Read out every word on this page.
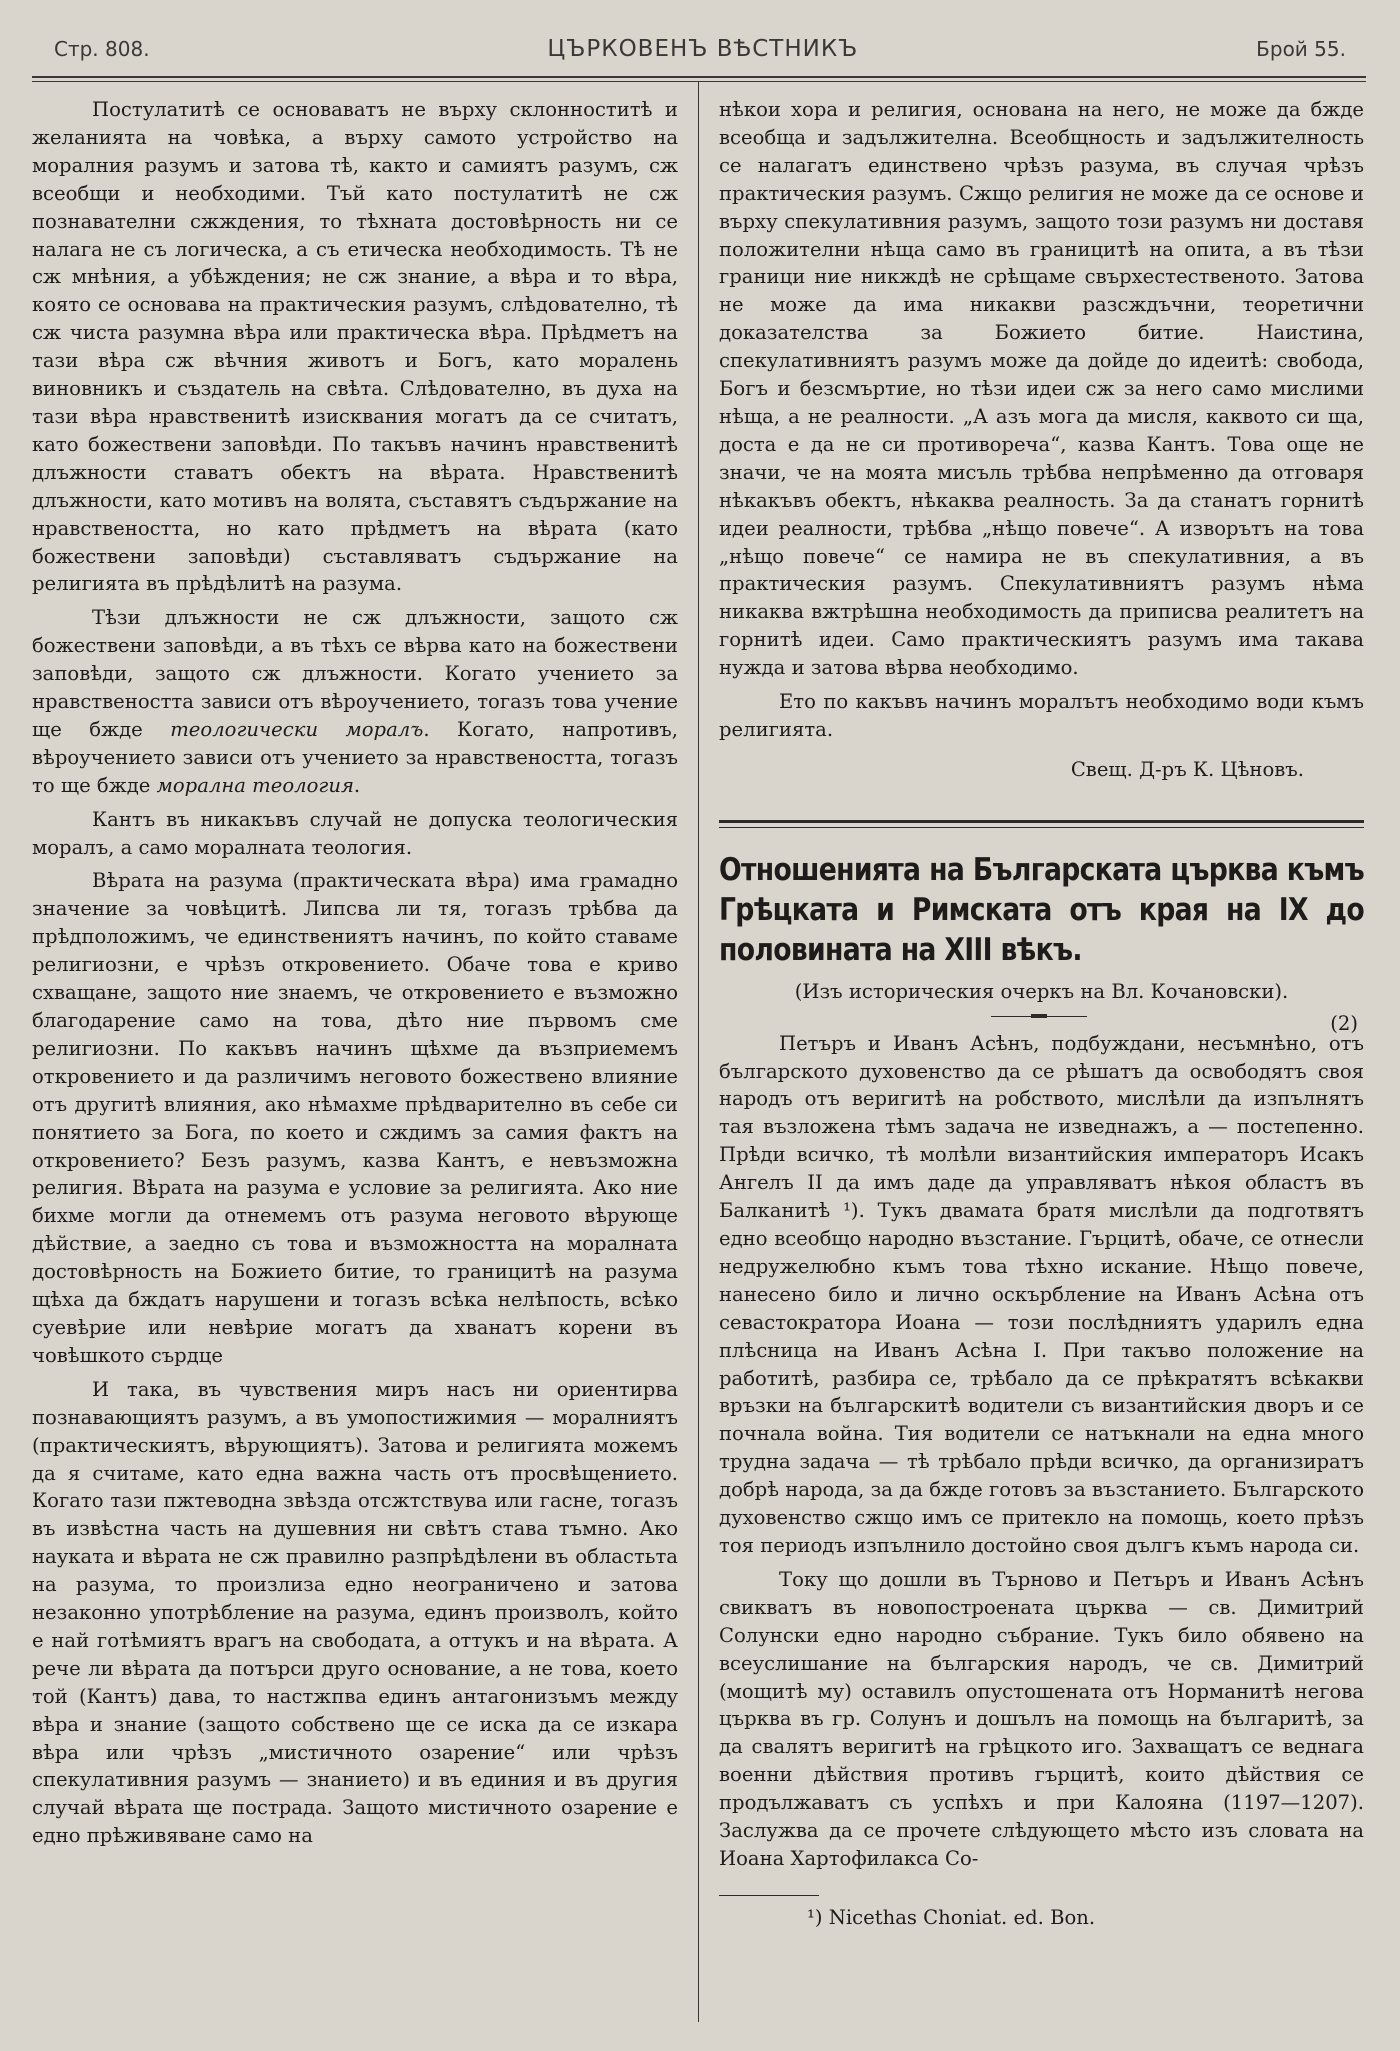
Стр. 808.	ЦЪРКОВЕНЪ ВѢСТНИКЪ	Брой 55.

Постулатитѣ се основаватъ не върху склонноститѣ и желанията на човѣка, а върху самото устройство на моралния разумъ и затова тѣ, както и самиятъ разумъ, сж всеобщи и необходими. Тъй като постулатитѣ не сж познавателни сжждения, то тѣхната достовѣрность ни се налага не съ логическа, а съ етическа необходимость. Тѣ не сж мнѣния, а убѣждения; не сж знание, а вѣра и то вѣра, която се основава на практическия разумъ, слѣдователно, тѣ сж чиста разумна вѣра или практическа вѣра. Прѣдметъ на тази вѣра сж вѣчния животъ и Богъ, като моралень виновникъ и създатель на свѣта. Слѣдователно, въ духа на тази вѣра нравственитѣ изисквания могатъ да се считатъ, като божествени заповѣди. По такъвъ начинъ нравственитѣ длъжности ставатъ обектъ на вѣрата. Нравственитѣ длъжности, като мотивъ на волята, съставятъ съдържание на нравствеността, но като прѣдметъ на вѣрата (като божествени заповѣди) съставляватъ съдържание на религията въ прѣдѣлитѣ на разума.

Тѣзи длъжности не сж длъжности, защото сж божествени заповѣди, а въ тѣхъ се вѣрва като на божествени заповѣди, защото сж длъжности. Когато учението за нравствеността зависи отъ вѣроучението, тогазъ това учение ще бжде теологически моралъ. Когато, напротивъ, вѣроучението зависи отъ учението за нравствеността, тогазъ то ще бжде морална теология.

Кантъ въ никакъвъ случай не допуска теологическия моралъ, а само моралната теология.

Вѣрата на разума (практическата вѣра) има грамадно значение за човѣцитѣ. Липсва ли тя, тогазъ трѣбва да прѣдположимъ, че единствениятъ начинъ, по който ставаме религиозни, е чрѣзъ откровението. Обаче това е криво схващане, защото ние знаемъ, че откровението е възможно благодарение само на това, дѣто ние първомъ сме религиозни. По какъвъ начинъ щѣхме да възприемемъ откровението и да различимъ неговото божествено влияние отъ другитѣ влияния, ако нѣмахме прѣдварително въ себе си понятието за Бога, по което и сждимъ за самия фактъ на откровението? Безъ разумъ, казва Кантъ, е невъзможна религия. Вѣрата на разума е условие за религията. Ако ние бихме могли да отнемемъ отъ разума неговото вѣрующе дѣйствие, а заедно съ това и възможността на моралната достовѣрность на Божието битие, то границитѣ на разума щѣха да бждатъ нарушени и тогазъ всѣка нелѣпость, всѣко суевѣрие или невѣрие могатъ да хванатъ корени въ човѣшкото сърдце

И така, въ чувствения миръ насъ ни ориентирва познавающиятъ разумъ, а въ умопостижимия — моралниятъ (практическиятъ, вѣрующиятъ). Затова и религията можемъ да я считаме, като една важна часть отъ просвѣщението. Когато тази пжтеводна звѣзда отсжтствува или гасне, тогазъ въ извѣстна часть на душевния ни свѣтъ става тъмно. Ако науката и вѣрата не сж правилно разпрѣдѣлени въ областьта на разума, то произлиза едно неограничено и затова незаконно употрѣбление на разума, единъ произволъ, който е най готѣмиятъ врагъ на свободата, а оттукъ и на вѣрата. А рече ли вѣрата да потърси друго основание, а не това, което той (Кантъ) дава, то настжпва единъ антагонизъмъ между вѣра и знание (защото собствено ще се иска да се изкара вѣра или чрѣзъ „мистичното озарение“ или чрѣзъ спекулативния разумъ — знанието) и въ единия и въ другия случай вѣрата ще пострада. Защото мистичното озарение е едно прѣживяване само на

нѣкои хора и религия, основана на него, не може да бжде всеобща и задължителна. Всеобщность и задължителность се налагатъ единствено чрѣзъ разума, въ случая чрѣзъ практическия разумъ. Сжщо религия не може да се основе и върху спекулативния разумъ, защото този разумъ ни доставя положителни нѣща само въ границитѣ на опита, а въ тѣзи граници ние никждѣ не срѣщаме свърхестественото. Затова не може да има никакви разсждъчни, теоретични доказателства за Божието битие. Наистина, спекулативниятъ разумъ може да дойде до идеитѣ: свобода, Богъ и безсмъртие, но тѣзи идеи сж за него само мислими нѣща, а не реалности. „А азъ мога да мисля, каквото си ща, доста е да не си противореча“, казва Кантъ. Това още не значи, че на моята мисъль трѣбва непрѣменно да отговаря нѣкакъвъ обектъ, нѣкаква реалность. За да станатъ горнитѣ идеи реалности, трѣбва „нѣщо повече“. А изворътъ на това „нѣщо повече“ се намира не въ спекулативния, а въ практическия разумъ. Спекулативниятъ разумъ нѣма никаква вжтрѣшна необходимость да приписва реалитетъ на горнитѣ идеи. Само практическиятъ разумъ има такава нужда и затова вѣрва необходимо.

Ето по какъвъ начинъ моралътъ необходимо води къмъ религията.

Свещ. Д-ръ К. Цѣновъ.
Отношенията на Българската църква къмъ Грѣцката и Римската отъ края на IX до половината на XIII вѣкъ.
(Изъ историческия очеркъ на Вл. Кочановски).
(2)

Петъръ и Иванъ Асѣнъ, подбуждани, несъмнѣно, отъ българското духовенство да се рѣшатъ да освободятъ своя народъ отъ веригитѣ на робството, мислѣли да изпълнятъ тая възложена тѣмъ задача не изведнажъ, а — постепенно. Прѣди всичко, тѣ молѣли византийския императоръ Исакъ Ангелъ II да имъ даде да управляватъ нѣкоя областъ въ Балканитѣ ¹). Тукъ двамата братя мислѣли да подготвятъ едно всеобщо народно възстание. Гърцитѣ, обаче, се отнесли недружелюбно къмъ това тѣхно искание. Нѣщо повече, нанесено било и лично оскърбление на Иванъ Асѣна отъ севастократора Иоана — този послѣдниятъ ударилъ една плѣсница на Иванъ Асѣна I. При такъво положение на работитѣ, разбира се, трѣбало да се прѣкратятъ всѣкакви връзки на българскитѣ водители съ византийския дворъ и се почнала война. Тия водители се натъкнали на една много трудна задача — тѣ трѣбало прѣди всичко, да организиратъ добрѣ народа, за да бжде готовъ за възстанието. Българското духовенство сжщо имъ се притекло на помощь, което прѣзъ тоя периодъ изпълнило достойно своя дългъ къмъ народа си.

Току що дошли въ Търново и Петъръ и Иванъ Асѣнъ свикватъ въ новопостроената църква — св. Димитрий Солунски едно народно събрание. Тукъ било обявено на всеуслишание на българския народъ, че св. Димитрий (мощитѣ му) оставилъ опустошената отъ Норманитѣ негова църква въ гр. Солунъ и дошълъ на помощь на българитѣ, за да свалятъ веригитѣ на грѣцкото иго. Захващатъ се веднага военни дѣйствия противъ гърцитѣ, които дѣйствия се продължаватъ съ успѣхъ и при Калояна (1197—1207). Заслужва да се прочете слѣдующето мѣсто изъ словата на Иоана Хартофилакса Со-

¹) Nicethas Choniat. ed. Bon.
